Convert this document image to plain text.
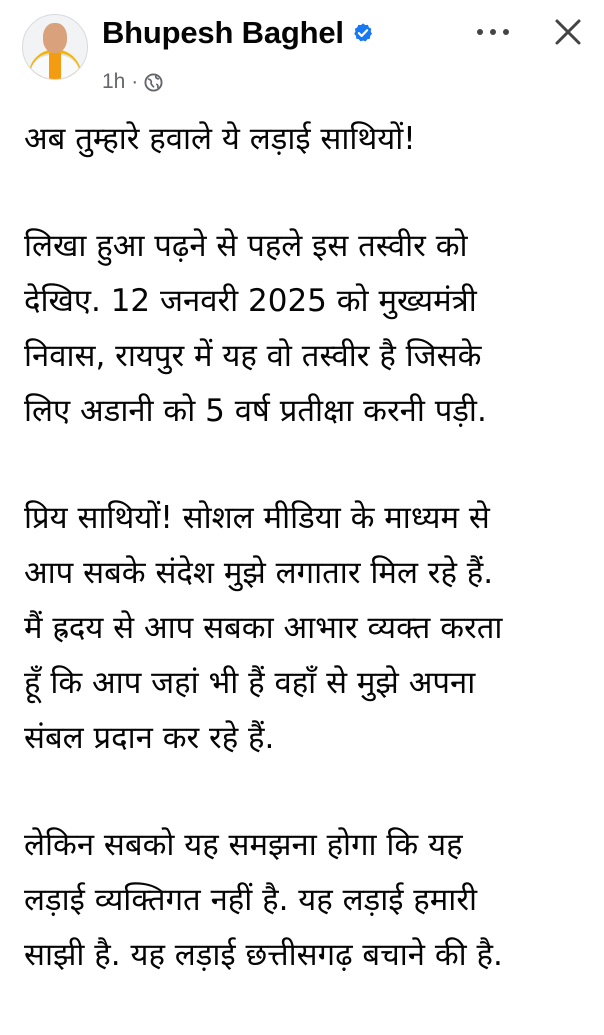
Bhupesh Baghel
1h ·

अब तुम्हारे हवाले ये लड़ाई साथियों!

लिखा हुआ पढ़ने से पहले इस तस्वीर को
देखिए. 12 जनवरी 2025 को मुख्यमंत्री
निवास, रायपुर में यह वो तस्वीर है जिसके
लिए अडानी को 5 वर्ष प्रतीक्षा करनी पड़ी.

प्रिय साथियों! सोशल मीडिया के माध्यम से
आप सबके संदेश मुझे लगातार मिल रहे हैं.
मैं ह्रदय से आप सबका आभार व्यक्त करता
हूँ कि आप जहां भी हैं वहाँ से मुझे अपना
संबल प्रदान कर रहे हैं.

लेकिन सबको यह समझना होगा कि यह
लड़ाई व्यक्तिगत नहीं है. यह लड़ाई हमारी
साझी है. यह लड़ाई छत्तीसगढ़ बचाने की है.
